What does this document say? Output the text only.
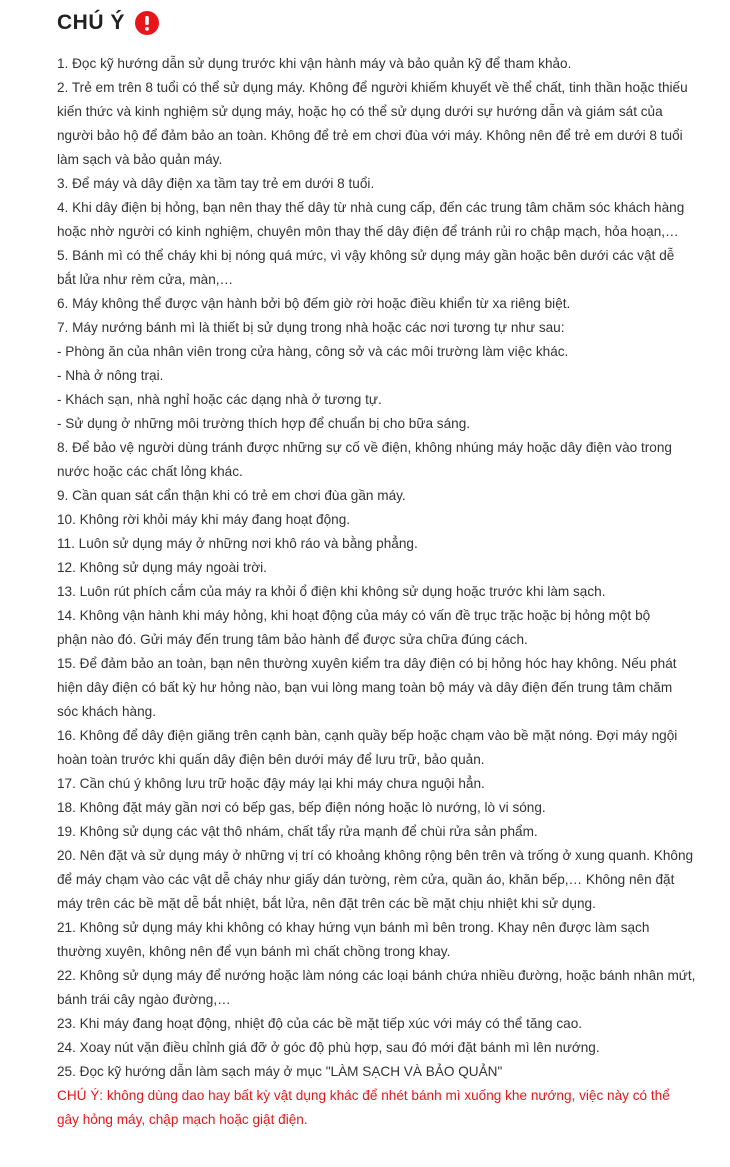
CHÚ Ý
1. Đọc kỹ hướng dẫn sử dụng trước khi vận hành máy và bảo quản kỹ để tham khảo.
2. Trẻ em trên 8 tuổi có thể sử dụng máy. Không để người khiếm khuyết về thể chất, tinh thần hoặc thiếu
kiến thức và kinh nghiệm sử dụng máy, hoặc họ có thể sử dụng dưới sự hướng dẫn và giám sát của
người bảo hộ để đảm bảo an toàn. Không để trẻ em chơi đùa với máy. Không nên để trẻ em dưới 8 tuổi
làm sạch và bảo quản máy.
3. Để máy và dây điện xa tầm tay trẻ em dưới 8 tuổi.
4. Khi dây điện bị hỏng, bạn nên thay thế dây từ nhà cung cấp, đến các trung tâm chăm sóc khách hàng
hoặc nhờ người có kinh nghiệm, chuyên môn thay thế dây điện để tránh rủi ro chập mạch, hỏa hoạn,…
5. Bánh mì có thể cháy khi bị nóng quá mức, vì vậy không sử dụng máy gần hoặc bên dưới các vật dễ
bắt lửa như rèm cửa, màn,…
6. Máy không thể được vận hành bởi bộ đếm giờ rời hoặc điều khiển từ xa riêng biệt.
7. Máy nướng bánh mì là thiết bị sử dụng trong nhà hoặc các nơi tương tự như sau:
- Phòng ăn của nhân viên trong cửa hàng, công sở và các môi trường làm việc khác.
- Nhà ở nông trại.
- Khách sạn, nhà nghỉ hoặc các dạng nhà ở tương tự.
- Sử dụng ở những môi trường thích hợp để chuẩn bị cho bữa sáng.
8. Để bảo vệ người dùng tránh được những sự cố về điện, không nhúng máy hoặc dây điện vào trong
nước hoặc các chất lỏng khác.
9. Cần quan sát cẩn thận khi có trẻ em chơi đùa gần máy.
10. Không rời khỏi máy khi máy đang hoạt động.
11. Luôn sử dụng máy ở những nơi khô ráo và bằng phẳng.
12. Không sử dụng máy ngoài trời.
13. Luôn rút phích cắm của máy ra khỏi ổ điện khi không sử dụng hoặc trước khi làm sạch.
14. Không vận hành khi máy hỏng, khi hoạt động của máy có vấn đề trục trặc hoặc bị hỏng một bộ
phận nào đó. Gửi máy đến trung tâm bảo hành để được sửa chữa đúng cách.
15. Để đảm bảo an toàn, bạn nên thường xuyên kiểm tra dây điện có bị hỏng hóc hay không. Nếu phát
hiện dây điện có bất kỳ hư hỏng nào, bạn vui lòng mang toàn bộ máy và dây điện đến trung tâm chăm
sóc khách hàng.
16. Không để dây điện giăng trên cạnh bàn, cạnh quầy bếp hoặc chạm vào bề mặt nóng. Đợi máy ngội
hoàn toàn trước khi quấn dây điện bên dưới máy để lưu trữ, bảo quản.
17. Cần chú ý không lưu trữ hoặc đậy máy lại khi máy chưa nguội hẳn.
18. Không đặt máy gần nơi có bếp gas, bếp điện nóng hoặc lò nướng, lò vi sóng.
19. Không sử dụng các vật thô nhám, chất tẩy rửa mạnh để chùi rửa sản phẩm.
20. Nên đặt và sử dụng máy ở những vị trí có khoảng không rộng bên trên và trống ở xung quanh. Không
để máy chạm vào các vật dễ cháy như giấy dán tường, rèm cửa, quần áo, khăn bếp,… Không nên đặt
máy trên các bề mặt dễ bắt nhiệt, bắt lửa, nên đặt trên các bề mặt chịu nhiệt khi sử dụng.
21. Không sử dụng máy khi không có khay hứng vụn bánh mì bên trong. Khay nên được làm sạch
thường xuyên, không nên để vụn bánh mì chất chồng trong khay.
22. Không sử dụng máy để nướng hoặc làm nóng các loại bánh chứa nhiều đường, hoặc bánh nhân mứt,
bánh trái cây ngào đường,…
23. Khi máy đang hoạt động, nhiệt độ của các bề mặt tiếp xúc với máy có thể tăng cao.
24. Xoay nút vặn điều chỉnh giá đỡ ở góc độ phù hợp, sau đó mới đặt bánh mì lên nướng.
25. Đọc kỹ hướng dẫn làm sạch máy ở mục "LÀM SẠCH VÀ BẢO QUẢN"
CHÚ Ý: không dùng dao hay bất kỳ vật dụng khác để nhét bánh mì xuống khe nướng, việc này có thể
gây hỏng máy, chập mạch hoặc giật điện.
